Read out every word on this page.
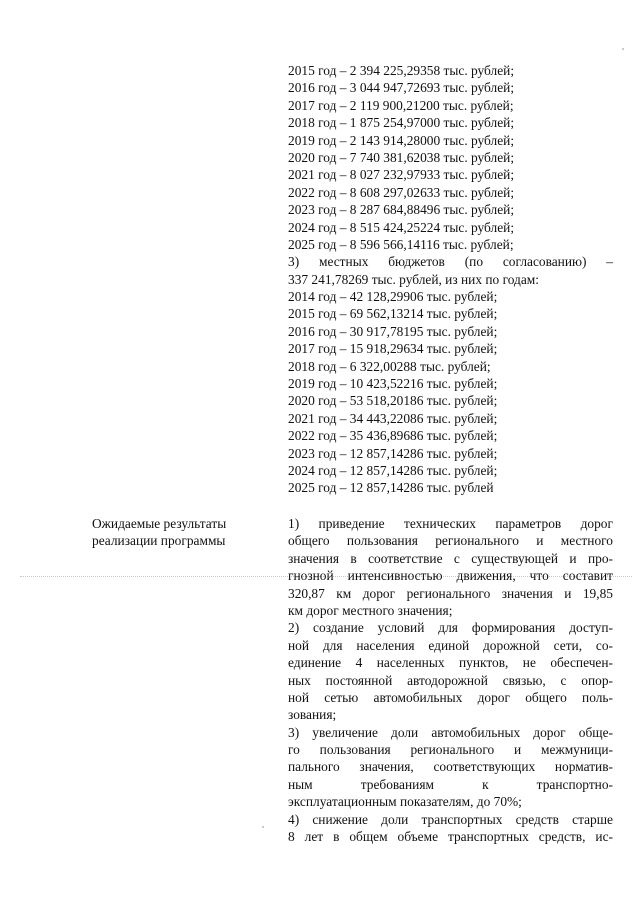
2015 год – 2 394 225,29358 тыс. рублей;
2016 год – 3 044 947,72693 тыс. рублей;
2017 год – 2 119 900,21200 тыс. рублей;
2018 год – 1 875 254,97000 тыс. рублей;
2019 год – 2 143 914,28000 тыс. рублей;
2020 год – 7 740 381,62038 тыс. рублей;
2021 год – 8 027 232,97933 тыс. рублей;
2022 год – 8 608 297,02633 тыс. рублей;
2023 год – 8 287 684,88496 тыс. рублей;
2024 год – 8 515 424,25224 тыс. рублей;
2025 год – 8 596 566,14116 тыс. рублей;
3) местных бюджетов (по согласованию) –
337 241,78269 тыс. рублей, из них по годам:
2014 год – 42 128,29906 тыс. рублей;
2015 год – 69 562,13214 тыс. рублей;
2016 год – 30 917,78195 тыс. рублей;
2017 год – 15 918,29634 тыс. рублей;
2018 год – 6 322,00288 тыс. рублей;
2019 год – 10 423,52216 тыс. рублей;
2020 год – 53 518,20186 тыс. рублей;
2021 год – 34 443,22086 тыс. рублей;
2022 год – 35 436,89686 тыс. рублей;
2023 год – 12 857,14286 тыс. рублей;
2024 год – 12 857,14286 тыс. рублей;
2025 год – 12 857,14286 тыс. рублей
Ожидаемые результаты
реализации программы
1) приведение технических параметров дорог
общего пользования регионального и местного
значения в соответствие с существующей и про-
гнозной интенсивностью движения, что составит
320,87 км дорог регионального значения и 19,85
км дорог местного значения;
2) создание условий для формирования доступ-
ной для населения единой дорожной сети, со-
единение 4 населенных пунктов, не обеспечен-
ных постоянной автодорожной связью, с опор-
ной сетью автомобильных дорог общего поль-
зования;
3) увеличение доли автомобильных дорог обще-
го пользования регионального и межмуници-
пального значения, соответствующих норматив-
ным требованиям к транспортно-
эксплуатационным показателям, до 70%;
4) снижение доли транспортных средств старше
8 лет в общем объеме транспортных средств, ис-
